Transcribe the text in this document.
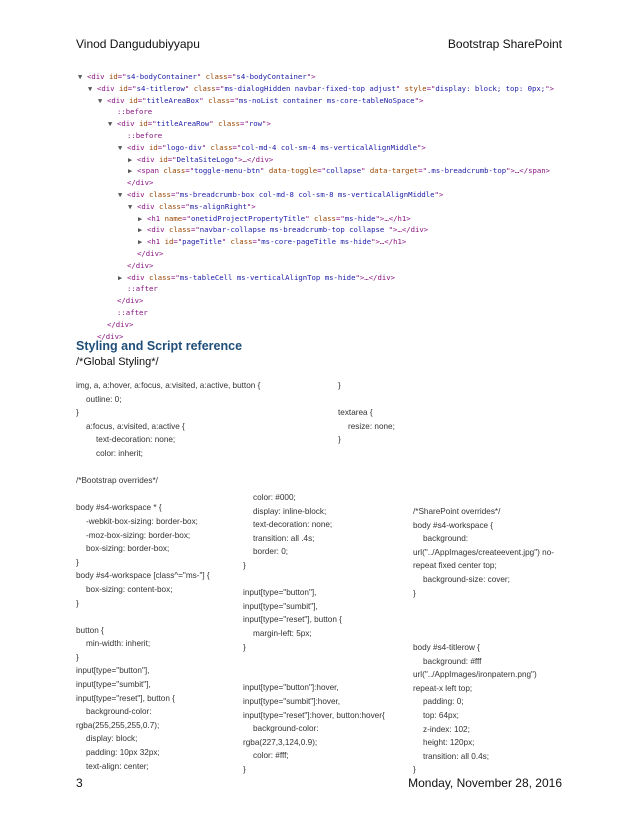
Vinod Dangudubiyyapu	Bootstrap SharePoint
▼ <div id="s4-bodyContainer" class="s4-bodyContainer">
▼ <div id="s4-titlerow" class="ms-dialogHidden navbar-fixed-top adjust" style="display: block; top: 0px;">
▼ <div id="titleAreaBox" class="ms-noList container ms-core-tableNoSpace">
::before
▼ <div id="titleAreaRow" class="row">
::before
▼ <div id="logo-div" class="col-md-4 col-sm-4 ms-verticalAlignMiddle">
▶ <div id="DeltaSiteLogo">…</div>
▶ <span class="toggle-menu-btn" data-toggle="collapse" data-target=".ms-breadcrumb-top">…</span>
</div>
▼ <div class="ms-breadcrumb-box col-md-8 col-sm-8 ms-verticalAlignMiddle">
▼ <div class="ms-alignRight">
▶ <h1 name="onetidProjectPropertyTitle" class="ms-hide">…</h1>
▶ <div class="navbar-collapse ms-breadcrumb-top collapse ">…</div>
▶ <h1 id="pageTitle" class="ms-core-pageTitle ms-hide">…</h1>
</div>
</div>
▶ <div class="ms-tableCell ms-verticalAlignTop ms-hide">…</div>
::after
</div>
::after
</div>
</div>
Styling and Script reference
/*Global Styling*/
img, a, a:hover, a:focus, a:visited, a:active, button {
outline: 0;
}
a:focus, a:visited, a:active {
text-decoration: none;
color: inherit;
/*Bootstrap overrides*/
body #s4-workspace * {
-webkit-box-sizing: border-box;
-moz-box-sizing: border-box;
box-sizing: border-box;
}
body #s4-workspace [class^="ms-"] {
box-sizing: content-box;
}
button {
min-width: inherit;
}
input[type="button"],
input[type="sumbit"],
input[type="reset"], button {
background-color:
rgba(255,255,255,0.7);
display: block;
padding: 10px 32px;
text-align: center;
}
textarea {
resize: none;
}
color: #000;
display: inline-block;
text-decoration: none;
transition: all .4s;
border: 0;
}
input[type="button"],
input[type="sumbit"],
input[type="reset"], button {
margin-left: 5px;
}
input[type="button"]:hover,
input[type="sumbit"]:hover,
input[type="reset"]:hover, button:hover{
background-color:
rgba(227,3,124,0.9);
color: #fff;
}
/*SharePoint overrides*/
body #s4-workspace {
background:
url("../AppImages/createevent.jpg") no-
repeat fixed center top;
background-size: cover;
}
body #s4-titlerow {
background: #fff
url("../AppImages/ironpatern.png")
repeat-x left top;
padding: 0;
top: 64px;
z-index: 102;
height: 120px;
transition: all 0.4s;
}
3	Monday, November 28, 2016
